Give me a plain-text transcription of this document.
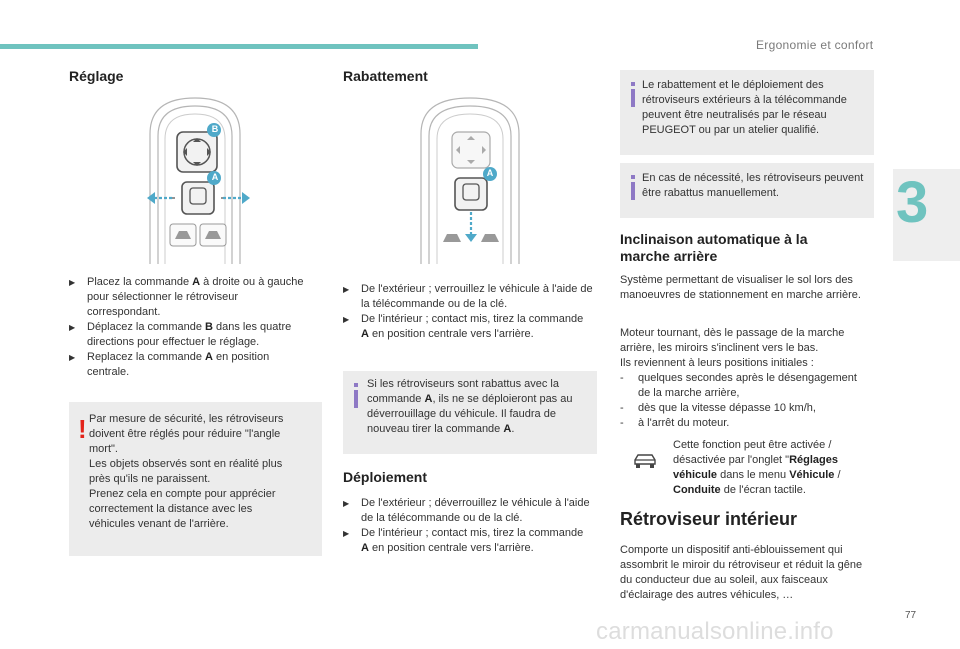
Ergonomie et confort
3
Réglage
B
A
▶ Placez la commande A à droite ou à gauche pour sélectionner le rétroviseur correspondant.
▶ Déplacez la commande B dans les quatre directions pour effectuer le réglage.
▶ Replacez la commande A en position centrale.
! Par mesure de sécurité, les rétroviseurs
doivent être réglés pour réduire "l'angle
mort".
Les objets observés sont en réalité plus
près qu'ils ne paraissent.
Prenez cela en compte pour apprécier
correctement la distance avec les
véhicules venant de l'arrière.
Rabattement
A
▶ De l'extérieur ; verrouillez le véhicule à l'aide de la télécommande ou de la clé.
▶ De l'intérieur ; contact mis, tirez la commande A en position centrale vers l'arrière.
Si les rétroviseurs sont rabattus avec la commande A, ils ne se déploieront pas au déverrouillage du véhicule. Il faudra de nouveau tirer la commande A.
Déploiement
▶ De l'extérieur ; déverrouillez le véhicule à l'aide de la télécommande ou de la clé.
▶ De l'intérieur ; contact mis, tirez la commande A en position centrale vers l'arrière.
Le rabattement et le déploiement des rétroviseurs extérieurs à la télécommande peuvent être neutralisés par le réseau PEUGEOT ou par un atelier qualifié.
En cas de nécessité, les rétroviseurs peuvent être rabattus manuellement.
Inclinaison automatique à la
marche arrière
Système permettant de visualiser le sol lors des manoeuvres de stationnement en marche arrière.
Moteur tournant, dès le passage de la marche arrière, les miroirs s'inclinent vers le bas.
Ils reviennent à leurs positions initiales :
- quelques secondes après le désengagement de la marche arrière,
- dès que la vitesse dépasse 10 km/h,
- à l'arrêt du moteur.
Cette fonction peut être activée / désactivée par l'onglet "Réglages véhicule dans le menu Véhicule / Conduite de l'écran tactile.
Rétroviseur intérieur
Comporte un dispositif anti-éblouissement qui assombrit le miroir du rétroviseur et réduit la gêne du conducteur due au soleil, aux faisceaux d'éclairage des autres véhicules, …
77
carmanualsonline.info
